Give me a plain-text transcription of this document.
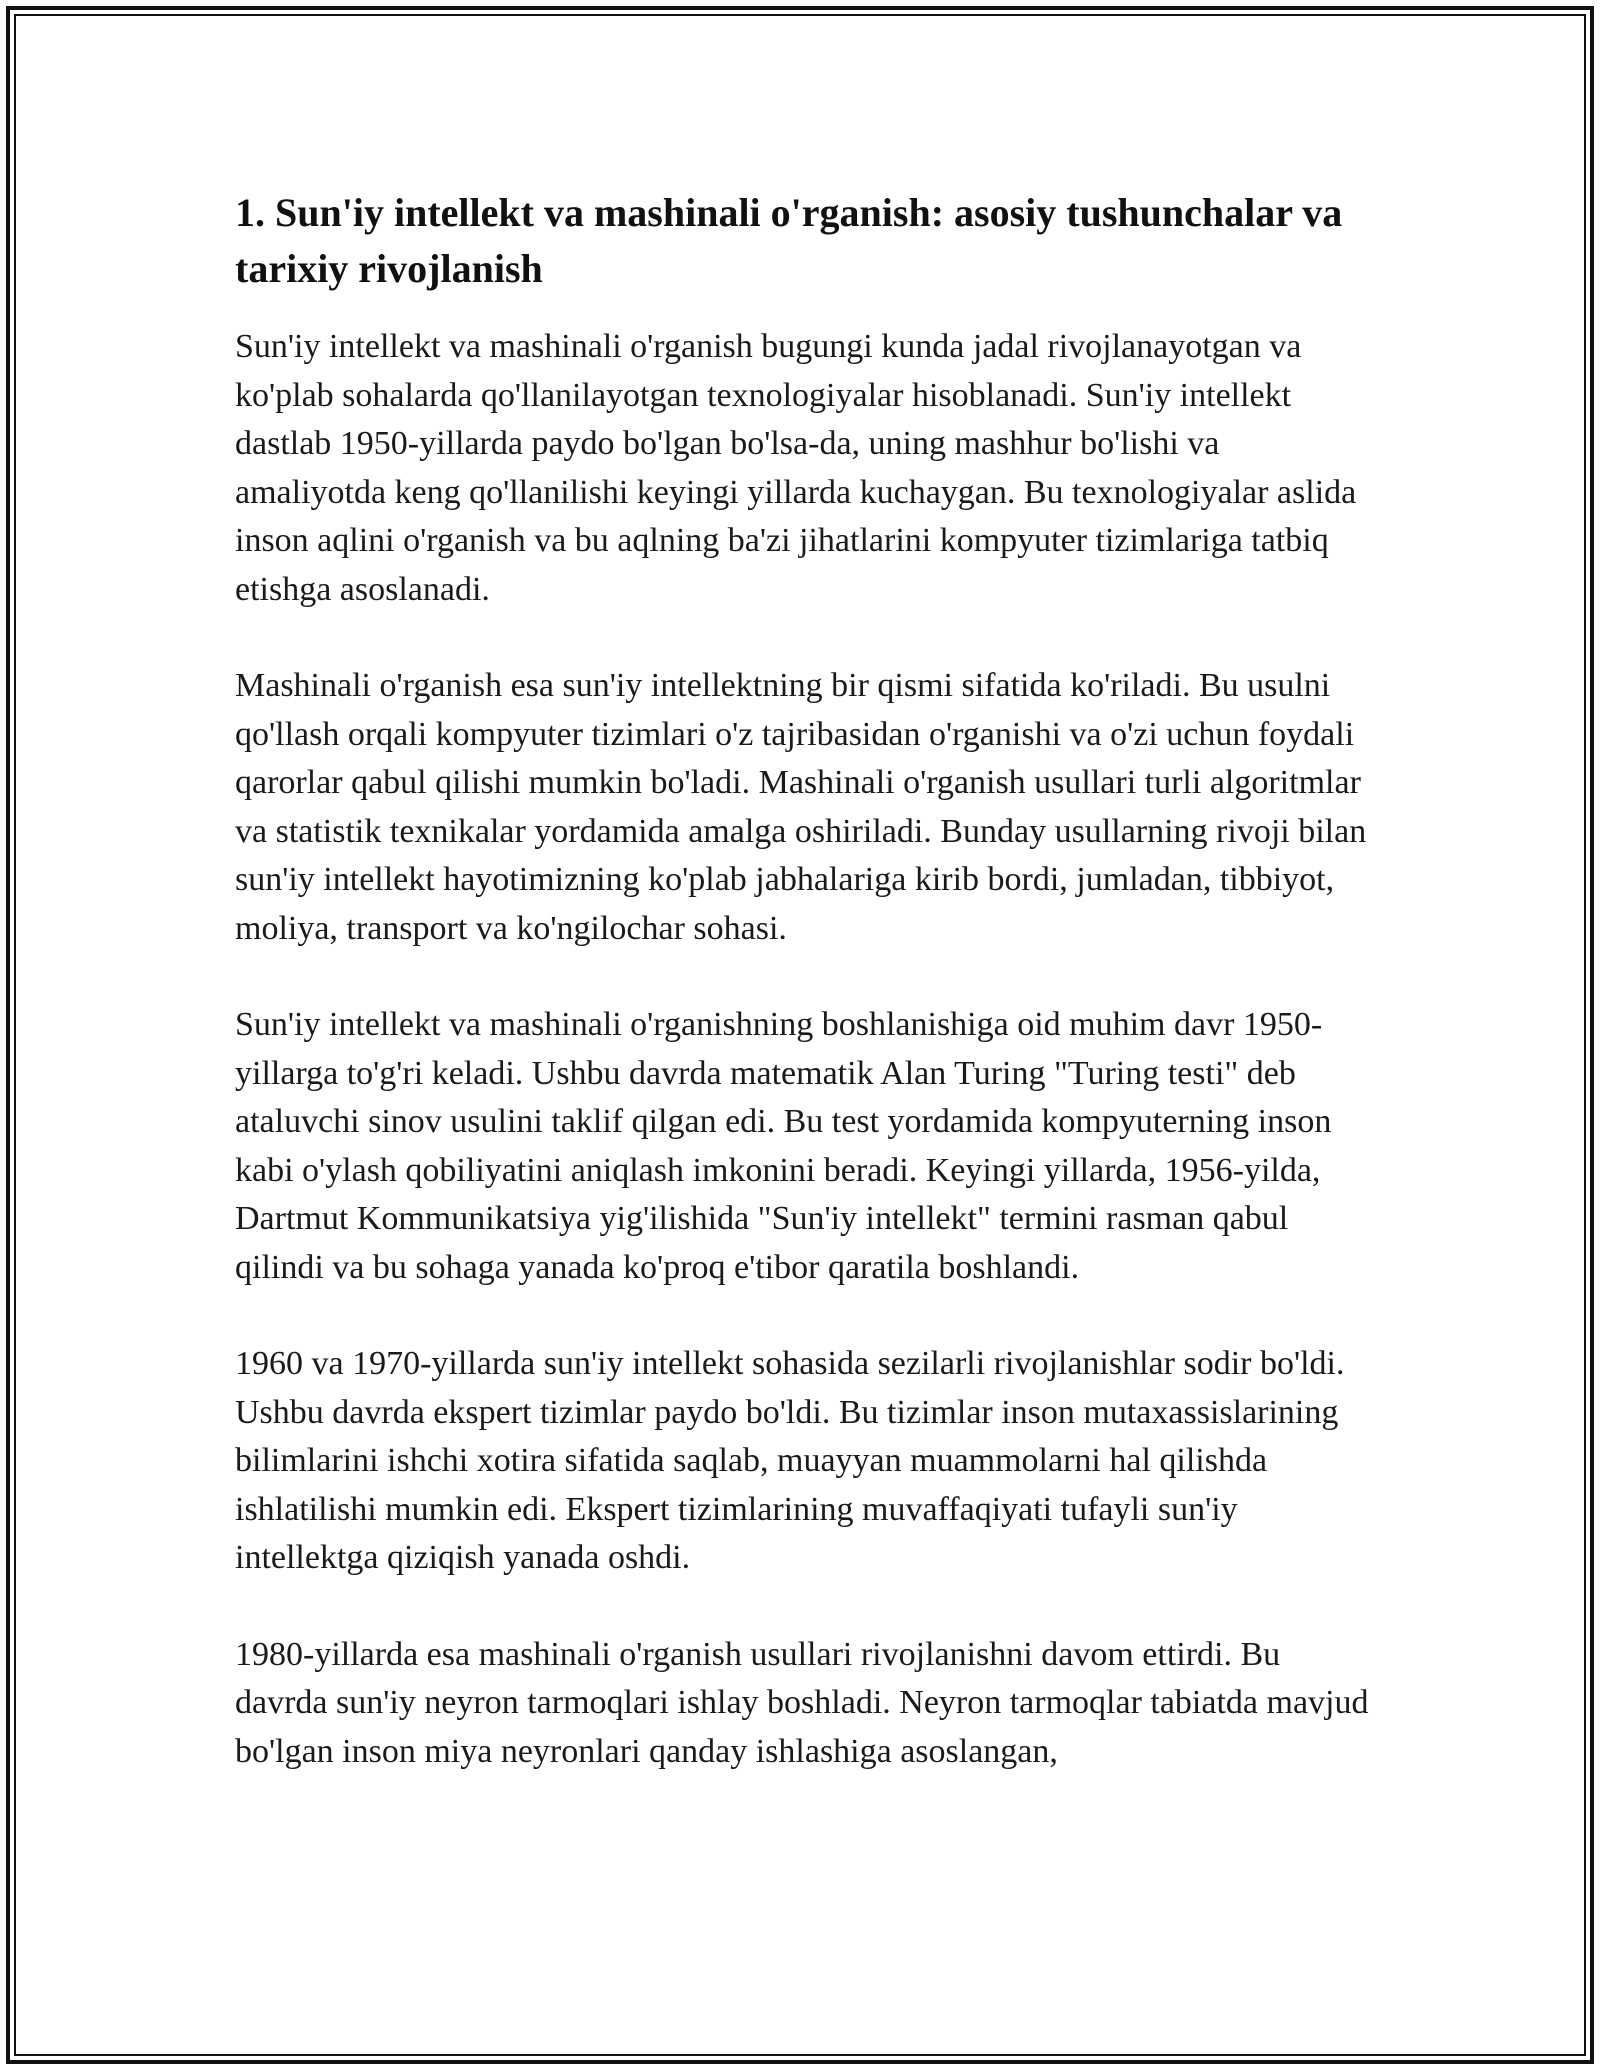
1. Sun'iy intellekt va mashinali o'rganish: asosiy tushunchalar va tarixiy rivojlanish

Sun'iy intellekt va mashinali o'rganish bugungi kunda jadal rivojlanayotgan va ko'plab sohalarda qo'llanilayotgan texnologiyalar hisoblanadi. Sun'iy intellekt dastlab 1950-yillarda paydo bo'lgan bo'lsa-da, uning mashhur bo'lishi va amaliyotda keng qo'llanilishi keyingi yillarda kuchaygan. Bu texnologiyalar aslida inson aqlini o'rganish va bu aqlning ba'zi jihatlarini kompyuter tizimlariga tatbiq etishga asoslanadi.

Mashinali o'rganish esa sun'iy intellektning bir qismi sifatida ko'riladi. Bu usulni qo'llash orqali kompyuter tizimlari o'z tajribasidan o'rganishi va o'zi uchun foydali qarorlar qabul qilishi mumkin bo'ladi. Mashinali o'rganish usullari turli algoritmlar va statistik texnikalar yordamida amalga oshiriladi. Bunday usullarning rivoji bilan sun'iy intellekt hayotimizning ko'plab jabhalariga kirib bordi, jumladan, tibbiyot, moliya, transport va ko'ngilochar sohasi.

Sun'iy intellekt va mashinali o'rganishning boshlanishiga oid muhim davr 1950-yillarga to'g'ri keladi. Ushbu davrda matematik Alan Turing "Turing testi" deb ataluvchi sinov usulini taklif qilgan edi. Bu test yordamida kompyuterning inson kabi o'ylash qobiliyatini aniqlash imkonini beradi. Keyingi yillarda, 1956-yilda, Dartmut Kommunikatsiya yig'ilishida "Sun'iy intellekt" termini rasman qabul qilindi va bu sohaga yanada ko'proq e'tibor qaratila boshlandi.

1960 va 1970-yillarda sun'iy intellekt sohasida sezilarli rivojlanishlar sodir bo'ldi. Ushbu davrda ekspert tizimlar paydo bo'ldi. Bu tizimlar inson mutaxassislarining bilimlarini ishchi xotira sifatida saqlab, muayyan muammolarni hal qilishda ishlatilishi mumkin edi. Ekspert tizimlarining muvaffaqiyati tufayli sun'iy intellektga qiziqish yanada oshdi.

1980-yillarda esa mashinali o'rganish usullari rivojlanishni davom ettirdi. Bu davrda sun'iy neyron tarmoqlari ishlay boshladi. Neyron tarmoqlar tabiatda mavjud bo'lgan inson miya neyronlari qanday ishlashiga asoslangan,
